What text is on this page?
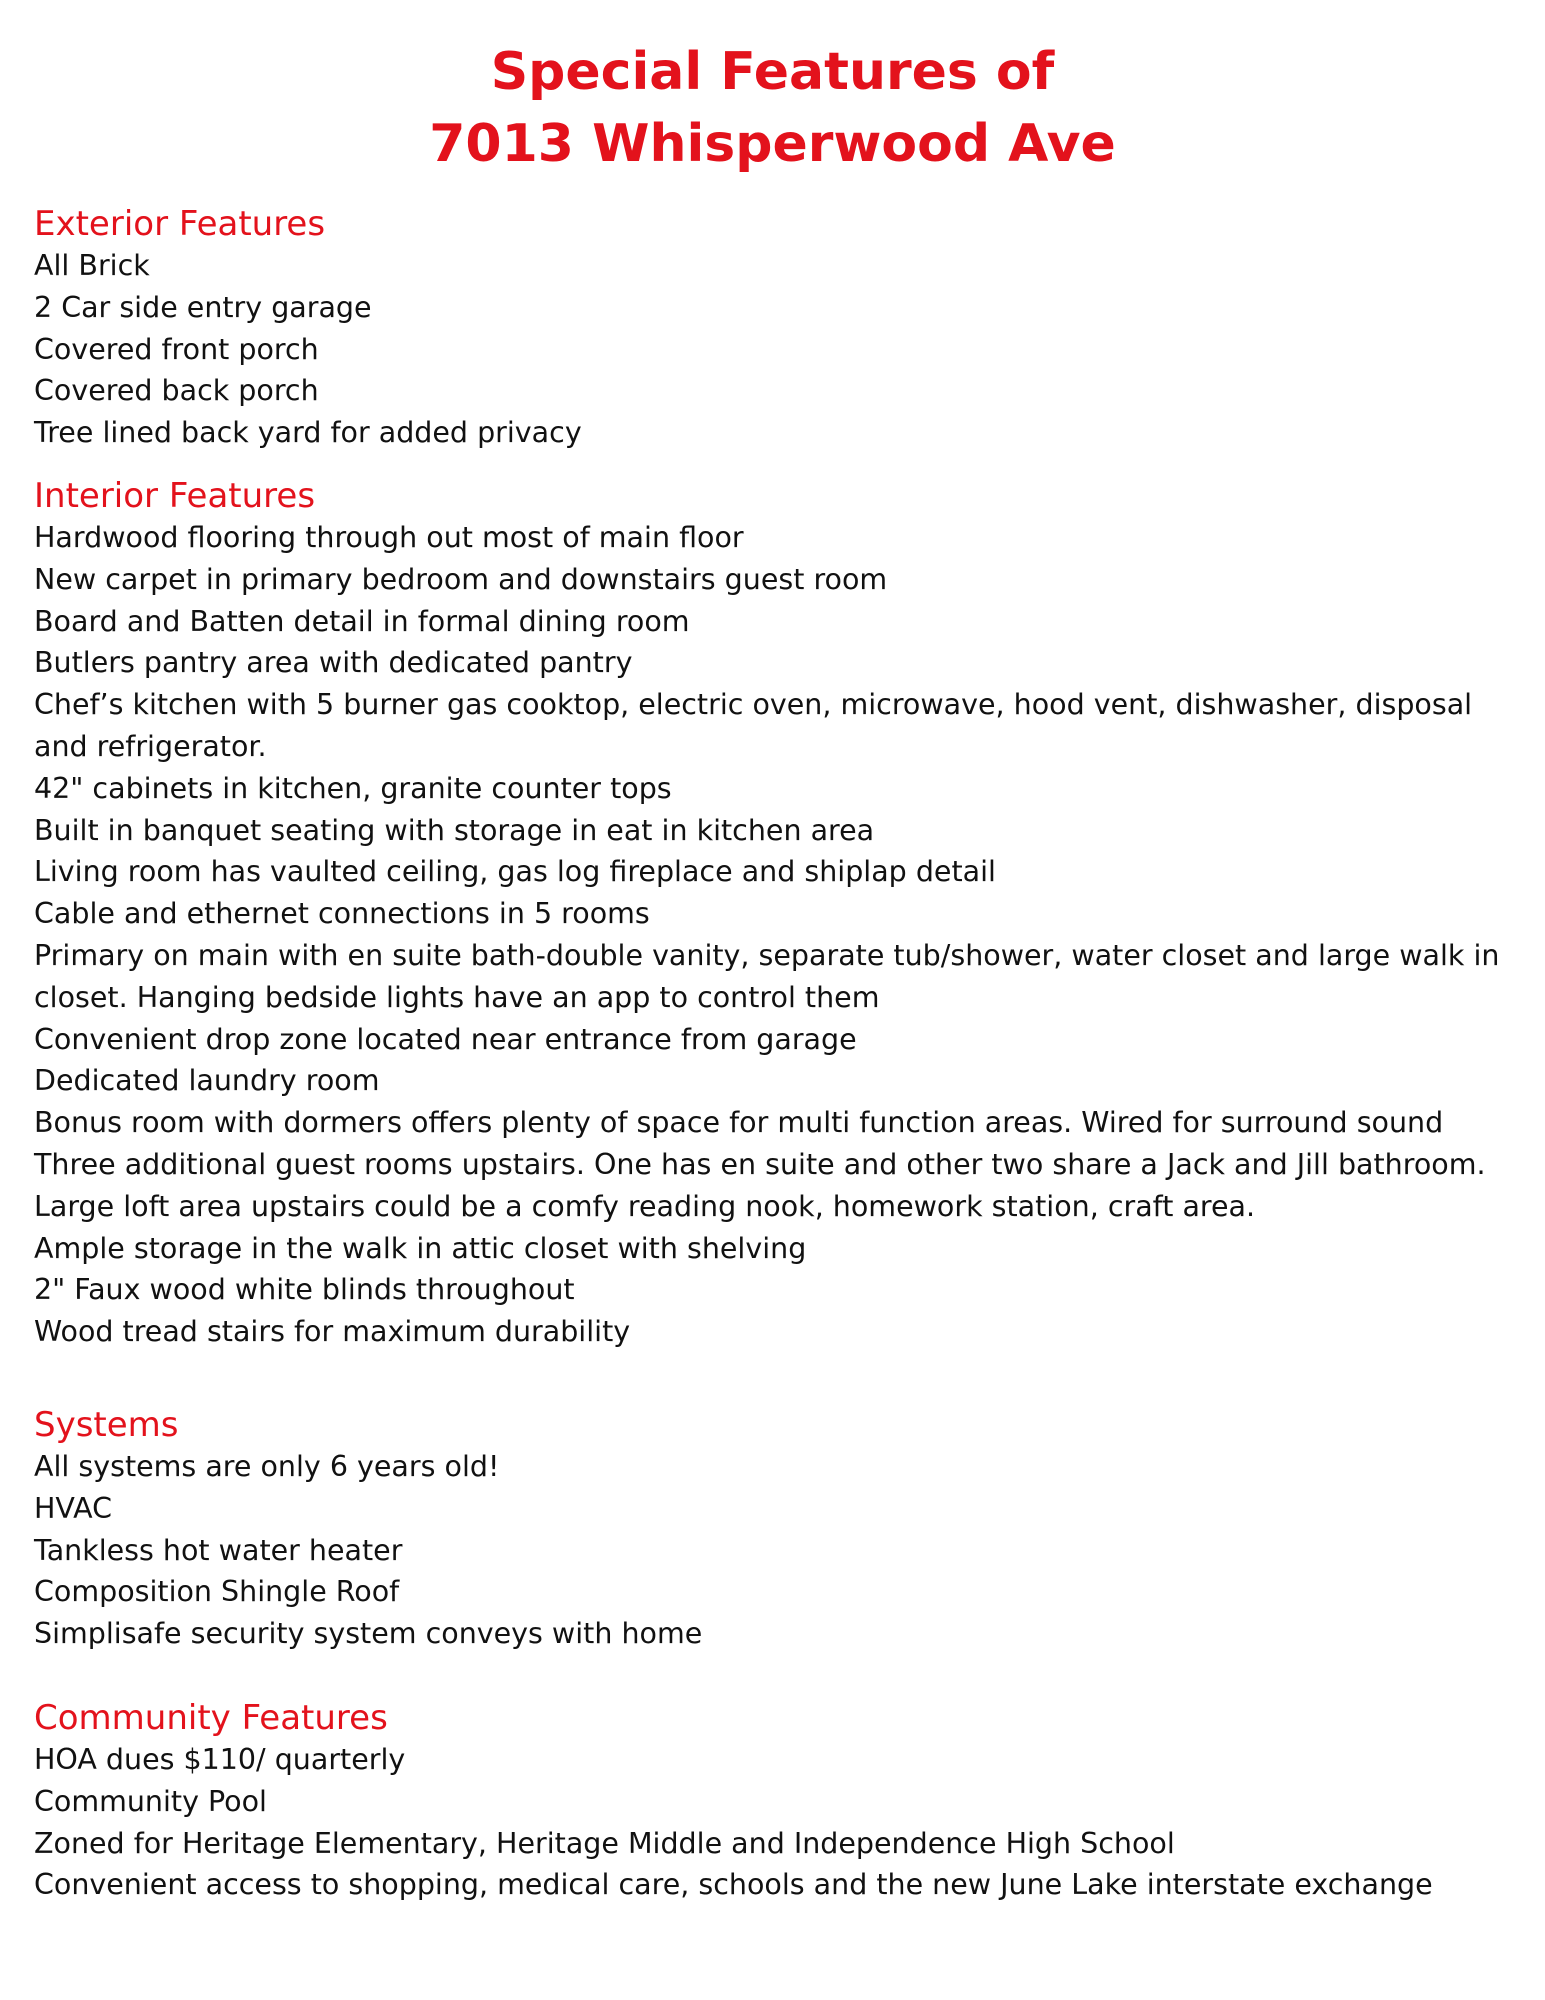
Special Features of
7013 Whisperwood Ave
Exterior Features
All Brick
2 Car side entry garage
Covered front porch
Covered back porch
Tree lined back yard for added privacy
Interior Features
Hardwood flooring through out most of main floor
New carpet in primary bedroom and downstairs guest room
Board and Batten detail in formal dining room
Butlers pantry area with dedicated pantry
Chef’s kitchen with 5 burner gas cooktop, electric oven, microwave, hood vent, dishwasher, disposal and refrigerator.
42" cabinets in kitchen, granite counter tops
Built in banquet seating with storage in eat in kitchen area
Living room has vaulted ceiling, gas log fireplace and shiplap detail
Cable and ethernet connections in 5 rooms
Primary on main with en suite bath-double vanity, separate tub/shower, water closet and large walk in closet. Hanging bedside lights have an app to control them
Convenient drop zone located near entrance from garage
Dedicated laundry room
Bonus room with dormers offers plenty of space for multi function areas. Wired for surround sound
Three additional guest rooms upstairs. One has en suite and other two share a Jack and Jill bathroom.
Large loft area upstairs could be a comfy reading nook, homework station, craft area.
Ample storage in the walk in attic closet with shelving
2" Faux wood white blinds throughout
Wood tread stairs for maximum durability
Systems
All systems are only 6 years old!
HVAC
Tankless hot water heater
Composition Shingle Roof
Simplisafe security system conveys with home
Community Features
HOA dues $110/ quarterly
Community Pool
Zoned for Heritage Elementary, Heritage Middle and Independence High School
Convenient access to shopping, medical care, schools and the new June Lake interstate exchange
